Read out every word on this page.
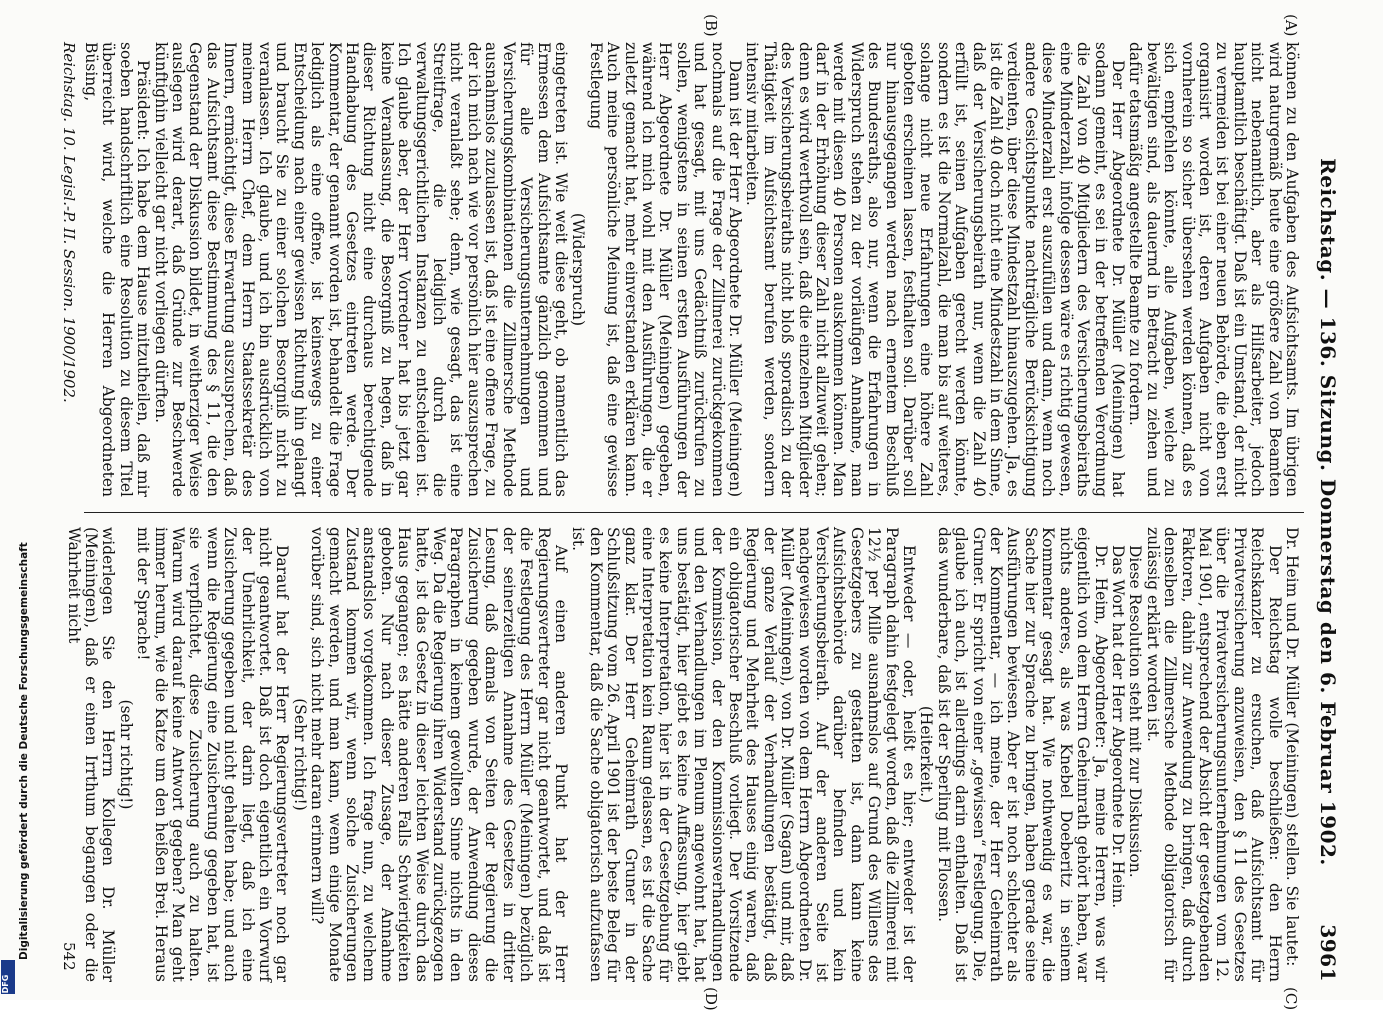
Reichstag. — 136. Sitzung. Donnerstag den 6. Februar 1902.
3961
(A)
(B)
(C)
(D)

können zu den Aufgaben des Aufsichtsamts. Im übrigen wird naturgemäß heute eine größere Zahl von Beamten nicht nebenamtlich, aber als Hilfsarbeiter, jedoch hauptamtlich beschäftigt. Daß ist ein Umstand, der nicht zu vermeiden ist bei einer neuen Behörde, die eben erst organisirt worden ist, deren Aufgaben nicht von vornherein so sicher übersehen werden können, daß es sich empfehlen könnte, alle Aufgaben, welche zu bewältigen sind, als dauernd in Betracht zu ziehen und dafür etatsmäßig angestellte Beamte zu fordern.

Der Herr Abgeordnete Dr. Müller (Meiningen) hat sodann gemeint, es sei in der betreffenden Verordnung die Zahl von 40 Mitgliedern des Versicherungsbeiraths eine Minderzahl, infolge dessen wäre es richtig gewesen, diese Minderzahl erst auszufüllen und dann, wenn noch andere Gesichtspunkte nachträgliche Berücksichtigung verdienten, über diese Mindestzahl hinauszugehen. Ja, es ist die Zahl 40 doch nicht eine Mindestzahl in dem Sinne, daß der Versicherungsbeirath nur, wenn die Zahl 40 erfüllt ist, seinen Aufgaben gerecht werden könnte, sondern es ist die Normalzahl, die man bis auf weiteres, solange nicht neue Erfahrungen eine höhere Zahl geboten erscheinen lassen, festhalten soll. Darüber soll nur hinausgegangen werden nach ernentem Beschluß des Bundesraths, also nur, wenn die Erfahrungen in Widerspruch stehen zu der vorläufigen Annahme, man werde mit diesen 40 Personen auskommen können. Man darf in der Erhöhung dieser Zahl nicht allzuweit gehen; denn es wird werthvoll sein, daß die einzelnen Mitglieder des Versicherungsbeiraths nicht bloß sporadisch zu der Thätigkeit im Aufsichtsamt berufen werden, sondern intensiv mitarbeiten.

Dann ist der Herr Abgeordnete Dr. Müller (Meiningen) nochmals auf die Frage der Zillmerei zurückgekommen und hat gesagt, mit uns Gedächtniß zurückrufen zu sollen, wenigstens in seinen ersten Ausführungen der Herr Abgeordnete Dr. Müller (Meiningen) gegeben, während ich mich wohl mit den Ausführungen, die er zuletzt gemacht hat, mehr einverstanden erklären kann. Auch meine persönliche Meinung ist, daß eine gewisse Festlegung

(Widerspruch)

eingetreten ist. Wie weit diese geht, ob namentlich das Ermessen dem Aufsichtsamte gänzlich genommen und für alle Versicherungsunternehmungen und Versicherungskombinationen die Zillmersche Methode ausnahmslos zuzulassen ist, daß ist eine offene Frage, zu der ich mich nach wie vor persönlich hier auszusprechen nicht veranlaßt sehe; denn, wie gesagt, das ist eine Streitfrage, die lediglich durch die verwaltungsgerichtlichen Instanzen zu entscheiden ist. Ich glaube aber, der Herr Vorredner hat bis jetzt gar keine Veranlassung, die Besorgniß zu hegen, daß in dieser Richtung nicht eine durchaus berechtigende Handhabung des Gesetzes eintreten werde. Der Kommentar, der genannt worden ist, behandelt die Frage lediglich als eine offene, ist keineswegs zu einer Entscheidung nach einer gewissen Richtung hin gelangt und braucht Sie zu einer solchen Besorgniß nicht zu veranlassen. Ich glaube, und ich bin ausdrücklich von meinem Herrn Chef, dem Herrn Staatssekretär des Innern, ermächtigt, diese Erwartung auszusprechen, daß das Aufsichtsamt diese Bestimmung des § 11, die den Gegenstand der Diskussion bildet, in weitherziger Weise auslegen wird derart, daß Gründe zur Beschwerde künftighin vielleicht gar nicht vorliegen dürften.

Präsident: Ich habe dem Hause mitzutheilen, daß mir soeben handschriftlich eine Resolution zu diesem Titel überreicht wird, welche die Herren Abgeordneten Büsing,

Dr. Heim und Dr. Müller (Meiningen) stellen. Sie lautet:

Der Reichstag wolle beschließen: den Herrn Reichskanzler zu ersuchen, daß Aufsichtsamt für Privatversicherung anzuweisen, den § 11 des Gesetzes über die Privatversicherungsunternehmungen vom 12. Mai 1901, entsprechend der Absicht der gesetzgebenden Faktoren, dahin zur Anwendung zu bringen, daß durch denselben die Zillmersche Methode obligatorisch für zulässig erklärt worden ist.

Diese Resolution steht mit zur Diskussion.

Das Wort hat der Herr Abgeordnete Dr. Heim.

Dr. Heim, Abgeordneter: Ja, meine Herren, was wir eigentlich von dem Herrn Geheimrath gehört haben, war nichts anderes, als was Knebel Doeberitz in seinem Kommentar gesagt hat. Wie nothwendig es war, die Sache hier zur Sprache zu bringen, haben gerade seine Ausführungen bewiesen. Aber er ist noch schlechter als der Kommentar, — ich meine, der Herr Geheimrath Gruner. Er spricht von einer „gewissen“ Festlegung. Die, glaube ich auch, ist allerdings darin enthalten. Daß ist das wunderbare, daß ist der Sperling mit Flossen.

(Heiterkeit.)

Entweder — oder, heißt es hier; entweder ist der Paragraph dahin festgelegt worden, daß die Zillmerei mit 12½ per Mille ausnahmslos auf Grund des Willens des Gesetzgebers zu gestatten ist, dann kann keine Aufsichtsbehörde darüber befinden und kein Versicherungsbeirath. Auf der anderen Seite ist nachgewiesen worden von dem Herrn Abgeordneten Dr. Müller (Meiningen), von Dr. Müller (Sagan) und mir, daß der ganze Verlauf der Verhandlungen bestätigt, daß Regierung und Mehrheit des Hauses einig waren, daß ein obligatorischer Beschluß vorliegt. Der Vorsitzende der Kommission, der den Kommissionsverhandlungen und den Verhandlungen im Plenum angewohnt hat, hat uns bestätigt, hier giebt es keine Auffassung, hier giebt es keine Interpretation, hier ist in der Gesetzgebung für eine Interpretation kein Raum gelassen, es ist die Sache ganz klar. Der Herr Geheimrath Gruner in der Schlußsitzung vom 26. April 1901 ist der beste Beleg für den Kommentar, daß die Sache obligatorisch aufzufassen ist.

Auf einen anderen Punkt hat der Herr Regierungsvertreter gar nicht geantwortet, und daß ist die Festlegung des Herrn Müller (Meiningen) bezüglich der seinerzeitigen Annahme des Gesetzes in dritter Lesung, daß damals von Seiten der Regierung die Zusicherung gegeben wurde, der Anwendung dieses Paragraphen in keinem gewollten Sinne nichts in den Weg. Da die Regierung ihren Widerstand zurückgezogen hatte, ist das Gesetz in dieser leichten Weise durch das Haus gegangen; es hätte anderen Falls Schwierigkeiten geboten. Nur nach dieser Zusage, der Annahme anstandslos vorgekommen. Ich frage nun, zu welchem Zustand kommen wir, wenn solche Zusicherungen gemacht werden, und man kann, wenn einige Monate vorüber sind, sich nicht mehr daran erinnern will?

(Sehr richtig!)

Darauf hat der Herr Regierungsvertreter noch gar nicht geantwortet. Daß ist doch eigentlich ein Vorwurf der Unehrlichkeit, der darin liegt, daß ich eine Zusicherung gegeben und nicht gehalten habe; und auch wenn die Regierung eine Zusicherung gegeben hat, ist sie verpflichtet, diese Zusicherung auch zu halten. Warum wird darauf keine Antwort gegeben? Man geht immer herum, wie die Katze um den heißen Brei. Heraus mit der Sprache!

(sehr richtig!)

widerlegen Sie den Herrn Kollegen Dr. Müller (Meiningen), daß er einen Irrthum begangen oder die Wahrheit nicht

Reichstag. 10. Legisl.-P. II. Session. 1900/1902.
542
Digitalisierung gefördert durch die Deutsche Forschungsgemeinschaft
DFG
